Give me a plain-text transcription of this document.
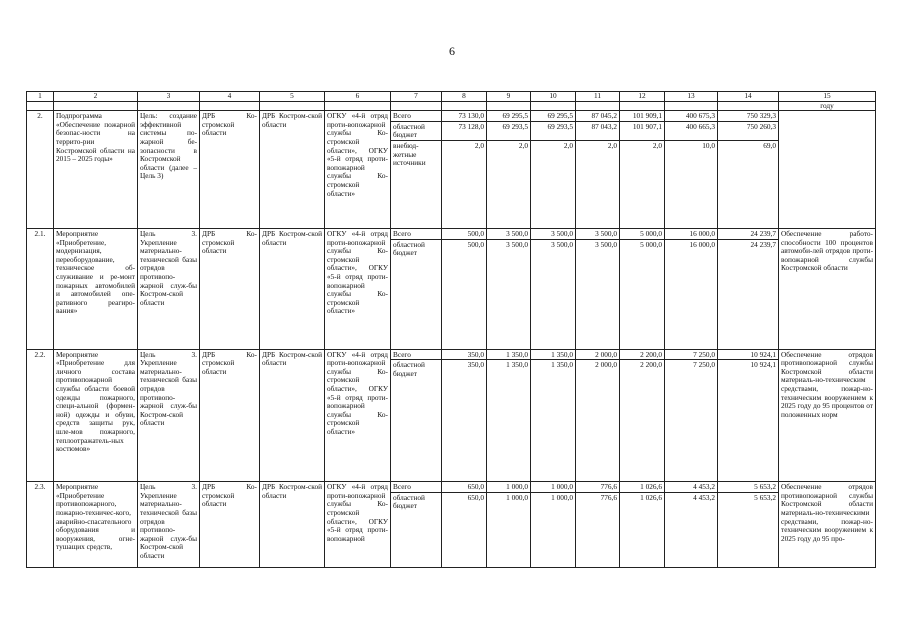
6
1	2	3	4	5	6	7	8	9	10	11	12	13	14	15
														году
2.	Подпрограмма «Обеспечение пожарной безопас-ности на террито-рии Костромской области на 2015 – 2025 годы»	Цель: создание эффективной системы по-жарной бе-зопасности в Костромской области (далее – Цель 3)	ДРБ Ко-стромской области	ДРБ Костром-ской области	ОГКУ «4-й отряд проти-вопожарной службы Ко-стромской области», ОГКУ «5-й отряд проти-вопожарной службы Ко-стромской области»	Всего	73 130,0	69 295,5	69 295,5	87 045,2	101 909,1	400 675,3	750 329,3	
						областной бюджет	73 128,0	69 293,5	69 293,5	87 043,2	101 907,1	400 665,3	750 260,3	
						внебюд-жетные источники	2,0	2,0	2,0	2,0	2,0	10,0	69,0	
2.1.	Мероприятие «Приобретение, модернизация, переоборудование, техническое об-служивание и ре-монт пожарных автомобилей и автомобилей опе-ративного реагиро-вания»	Цель 3. Укрепление материально-технической базы отрядов противопо-жарной служ-бы Костром-ской области	ДРБ Ко-стромской области	ДРБ Костром-ской области	ОГКУ «4-й отряд проти-вопожарной службы Ко-стромской области», ОГКУ «5-й отряд проти-вопожарной службы Ко-стромской области»	Всего	500,0	3 500,0	3 500,0	3 500,0	5 000,0	16 000,0	24 239,7	Обеспечение работо-способности 100 процентов автомоби-лей отрядов проти-вопожарной службы Костромской области
						областной бюджет	500,0	3 500,0	3 500,0	3 500,0	5 000,0	16 000,0	24 239,7	
2.2.	Мероприятие «Приобретение для личного состава противопожарной службы области боевой одежды пожарного, специ-альной (формен-ной) одежды и обуви, средств защиты рук, шле-мов пожарного, теплоотражатель-ных костюмов»	Цель 3. Укрепление материально-технической базы отрядов противопо-жарной служ-бы Костром-ской области	ДРБ Ко-стромской области	ДРБ Костром-ской области	ОГКУ «4-й отряд проти-вопожарной службы Ко-стромской области», ОГКУ «5-й отряд проти-вопожарной службы Ко-стромской области»	Всего	350,0	1 350,0	1 350,0	2 000,0	2 200,0	7 250,0	10 924,1	Обеспечение отрядов противопожарной службы Костромской области материаль-но-техническим средствами, пожар-но-техническим вооружением к 2025 году до 95 процентов от положенных норм
						областной бюджет	350,0	1 350,0	1 350,0	2 000,0	2 200,0	7 250,0	10 924,1	
2.3.	Мероприятие «Приобретение противопожарного, пожарно-техничес-кого, аварийно-спасательного оборудования и вооружения, огне-тушащих средств,	Цель 3. Укрепление материально-технической базы отрядов противопо-жарной служ-бы Костром-ской области	ДРБ Ко-стромской области	ДРБ Костром-ской области	ОГКУ «4-й отряд проти-вопожарной службы Ко-стромской области», ОГКУ «5-й отряд проти-вопожарной	Всего	650,0	1 000,0	1 000,0	776,6	1 026,6	4 453,2	5 653,2	Обеспечение отрядов противопожарной службы Костромской области материаль-но-техническими средствами, пожар-но-техническим вооружением к 2025 году до 95 про-
						областной бюджет	650,0	1 000,0	1 000,0	776,6	1 026,6	4 453,2	5 653,2	
